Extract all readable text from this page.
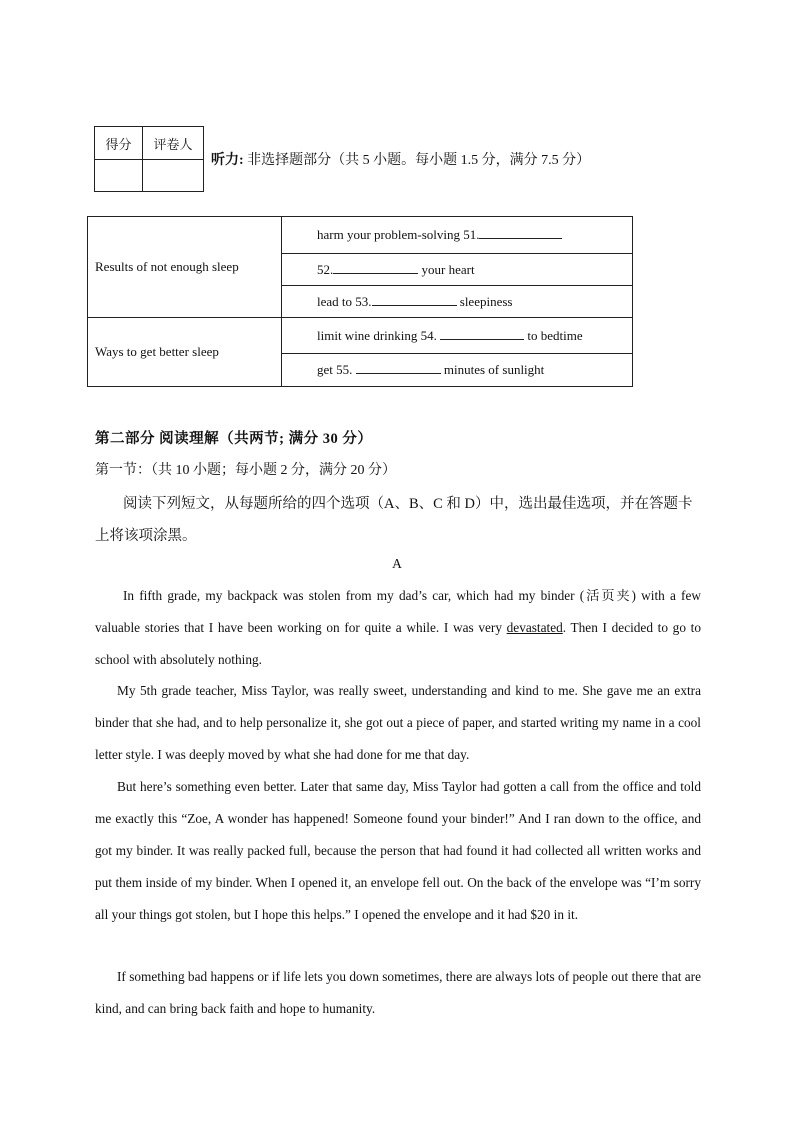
得分	评卷人

听力: 非选择题部分（共 5 小题。每小题 1.5 分，满分 7.5 分）
Results of not enough sleep	harm your problem-solving 51.
	52. your heart
	lead to 53. sleepiness
Ways to get better sleep	limit wine drinking 54. to bedtime
	get 55. minutes of sunlight
第二部分 阅读理解（共两节; 满分 30 分）
第一节：（共 10 小题；每小题 2 分，满分 20 分）
阅读下列短文，从每题所给的四个选项（A、B、C 和 D）中，选出最佳选项，并在答题卡上将该项涂黑。
A

In fifth grade, my backpack was stolen from my dad’s car, which had my binder (活页夹) with a few valuable stories that I have been working on for quite a while. I was very devastated. Then I decided to go to school with absolutely nothing.

My 5th grade teacher, Miss Taylor, was really sweet, understanding and kind to me. She gave me an extra binder that she had, and to help personalize it, she got out a piece of paper, and started writing my name in a cool letter style. I was deeply moved by what she had done for me that day.

But here’s something even better. Later that same day, Miss Taylor had gotten a call from the office and told me exactly this “Zoe, A wonder has happened! Someone found your binder!” And I ran down to the office, and got my binder. It was really packed full, because the person that had found it had collected all written works and put them inside of my binder. When I opened it, an envelope fell out. On the back of the envelope was “I’m sorry all your things got stolen, but I hope this helps.” I opened the envelope and it had $20 in it.

If something bad happens or if life lets you down sometimes, there are always lots of people out there that are kind, and can bring back faith and hope to humanity.
